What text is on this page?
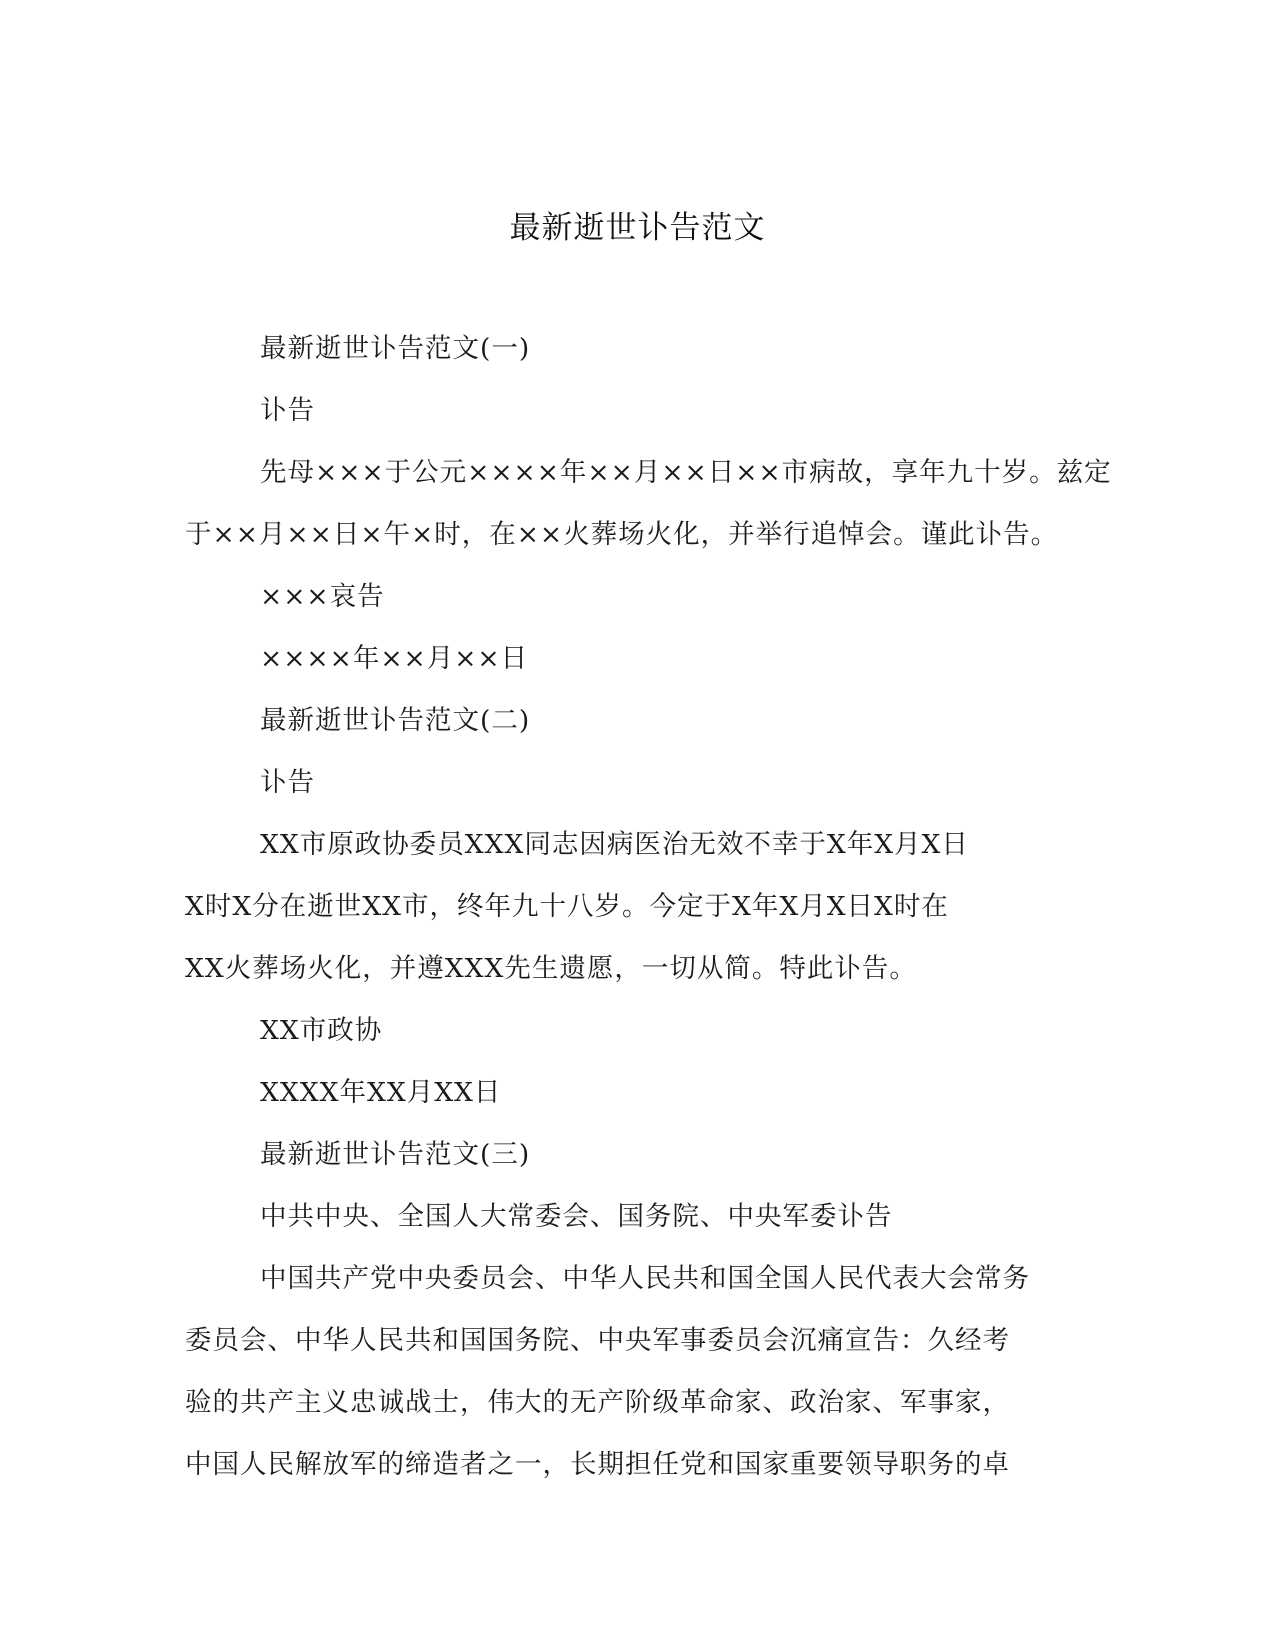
最新逝世讣告范文

最新逝世讣告范文(一)

讣告

先母×××于公元××××年××月××日××市病故，享年九十岁。兹定

于××月××日×午×时，在××火葬场火化，并举行追悼会。谨此讣告。

×××哀告

××××年××月××日

最新逝世讣告范文(二)

讣告

XX市原政协委员XXX同志因病医治无效不幸于X年X月X日

X时X分在逝世XX市，终年九十八岁。今定于X年X月X日X时在

XX火葬场火化，并遵XXX先生遗愿，一切从简。特此讣告。

XX市政协

XXXX年XX月XX日

最新逝世讣告范文(三)

中共中央、全国人大常委会、国务院、中央军委讣告

中国共产党中央委员会、中华人民共和国全国人民代表大会常务

委员会、中华人民共和国国务院、中央军事委员会沉痛宣告：久经考

验的共产主义忠诚战士，伟大的无产阶级革命家、政治家、军事家，

中国人民解放军的缔造者之一，长期担任党和国家重要领导职务的卓
